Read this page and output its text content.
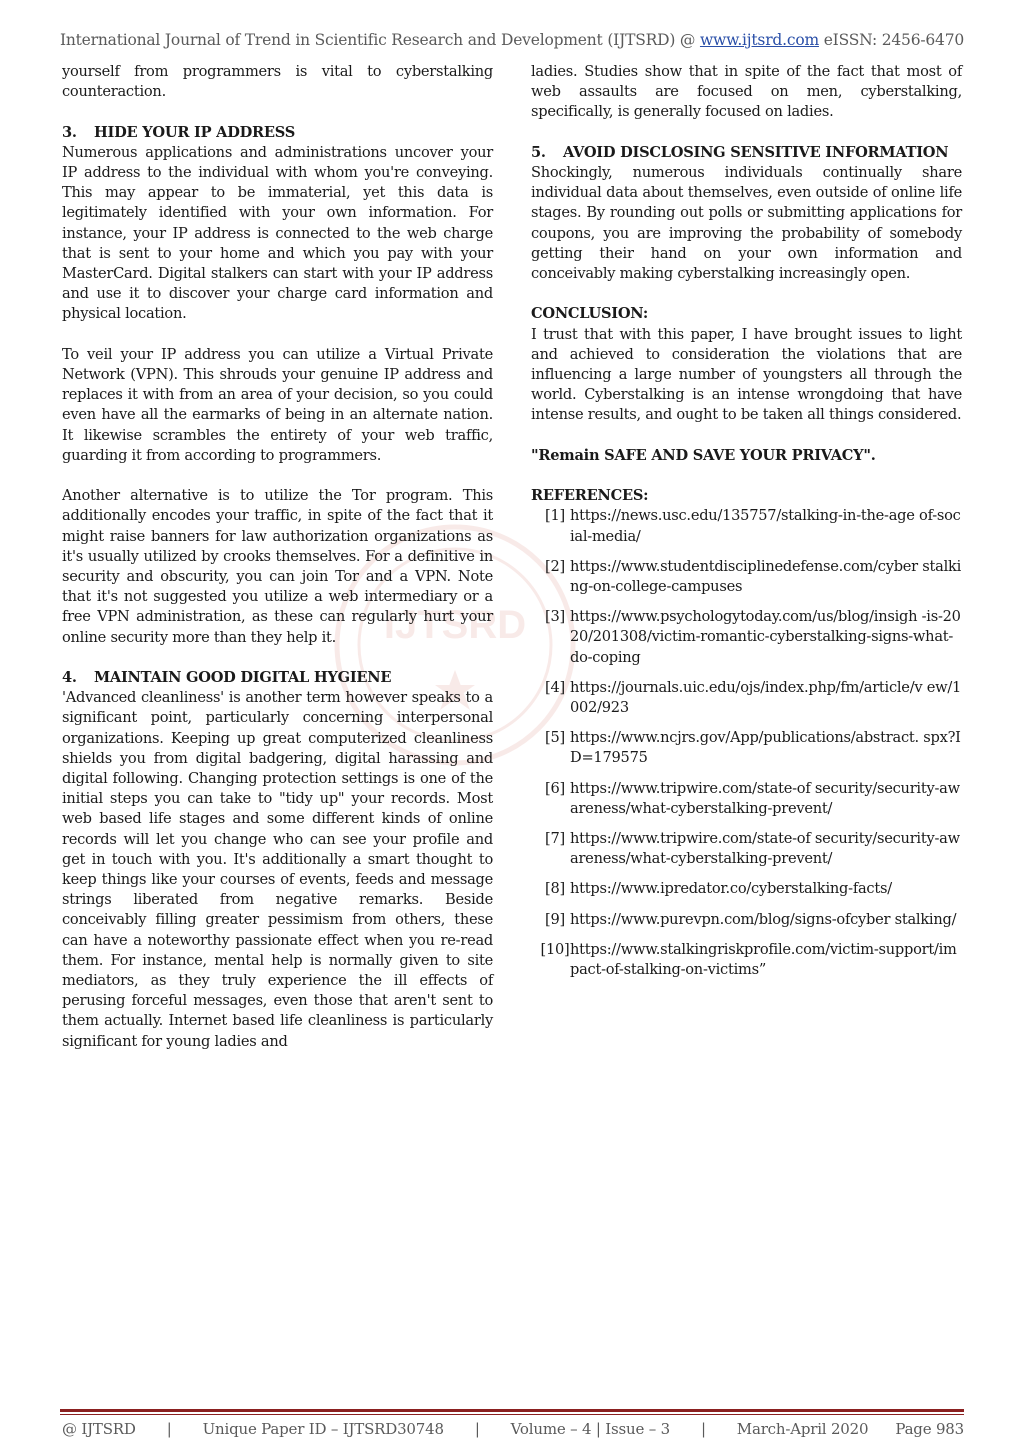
International Journal of Trend in Scientific Research and Development (IJTSRD) @ www.ijtsrd.com eISSN: 2456-6470
IJTSRD

yourself from programmers is vital to cyberstalking counteraction.

3. HIDE YOUR IP ADDRESS

Numerous applications and administrations uncover your IP address to the individual with whom you're conveying. This may appear to be immaterial, yet this data is legitimately identified with your own information. For instance, your IP address is connected to the web charge that is sent to your home and which you pay with your MasterCard. Digital stalkers can start with your IP address and use it to discover your charge card information and physical location.

To veil your IP address you can utilize a Virtual Private Network (VPN). This shrouds your genuine IP address and replaces it with from an area of your decision, so you could even have all the earmarks of being in an alternate nation. It likewise scrambles the entirety of your web traffic, guarding it from according to programmers.

Another alternative is to utilize the Tor program. This additionally encodes your traffic, in spite of the fact that it might raise banners for law authorization organizations as it's usually utilized by crooks themselves. For a definitive in security and obscurity, you can join Tor and a VPN. Note that it's not suggested you utilize a web intermediary or a free VPN administration, as these can regularly hurt your online security more than they help it.

4. MAINTAIN GOOD DIGITAL HYGIENE

'Advanced cleanliness' is another term however speaks to a significant point, particularly concerning interpersonal organizations. Keeping up great computerized cleanliness shields you from digital badgering, digital harassing and digital following. Changing protection settings is one of the initial steps you can take to "tidy up" your records. Most web based life stages and some different kinds of online records will let you change who can see your profile and get in touch with you. It's additionally a smart thought to keep things like your courses of events, feeds and message strings liberated from negative remarks. Beside conceivably filling greater pessimism from others, these can have a noteworthy passionate effect when you re-read them. For instance, mental help is normally given to site mediators, as they truly experience the ill effects of perusing forceful messages, even those that aren't sent to them actually. Internet based life cleanliness is particularly significant for young ladies and

ladies. Studies show that in spite of the fact that most of web assaults are focused on men, cyberstalking, specifically, is generally focused on ladies.

5. AVOID DISCLOSING SENSITIVE INFORMATION

Shockingly, numerous individuals continually share individual data about themselves, even outside of online life stages. By rounding out polls or submitting applications for coupons, you are improving the probability of somebody getting their hand on your own information and conceivably making cyberstalking increasingly open.

CONCLUSION:

I trust that with this paper, I have brought issues to light and achieved to consideration the violations that are influencing a large number of youngsters all through the world. Cyberstalking is an intense wrongdoing that have intense results, and ought to be taken all things considered.

"Remain SAFE AND SAVE YOUR PRIVACY".

REFERENCES:

[1] https://news.usc.edu/135757/stalking-in-the-age of-social-media/
[2] https://www.studentdisciplinedefense.com/cyber stalking-on-college-campuses
[3] https://www.psychologytoday.com/us/blog/insigh -is-2020/201308/victim-romantic-cyberstalking-signs-what-do-coping
[4] https://journals.uic.edu/ojs/index.php/fm/article/v ew/1002/923
[5] https://www.ncjrs.gov/App/publications/abstract. spx?ID=179575
[6] https://www.tripwire.com/state-of security/security-awareness/what-cyberstalking-prevent/
[7] https://www.tripwire.com/state-of security/security-awareness/what-cyberstalking-prevent/
[8] https://www.ipredator.co/cyberstalking-facts/
[9] https://www.purevpn.com/blog/signs-ofcyber stalking/
[10] https://www.stalkingriskprofile.com/victim-support/impact-of-stalking-on-victims”
@ IJTSRD | Unique Paper ID – IJTSRD30748 | Volume – 4 | Issue – 3 | March-April 2020 Page 983
